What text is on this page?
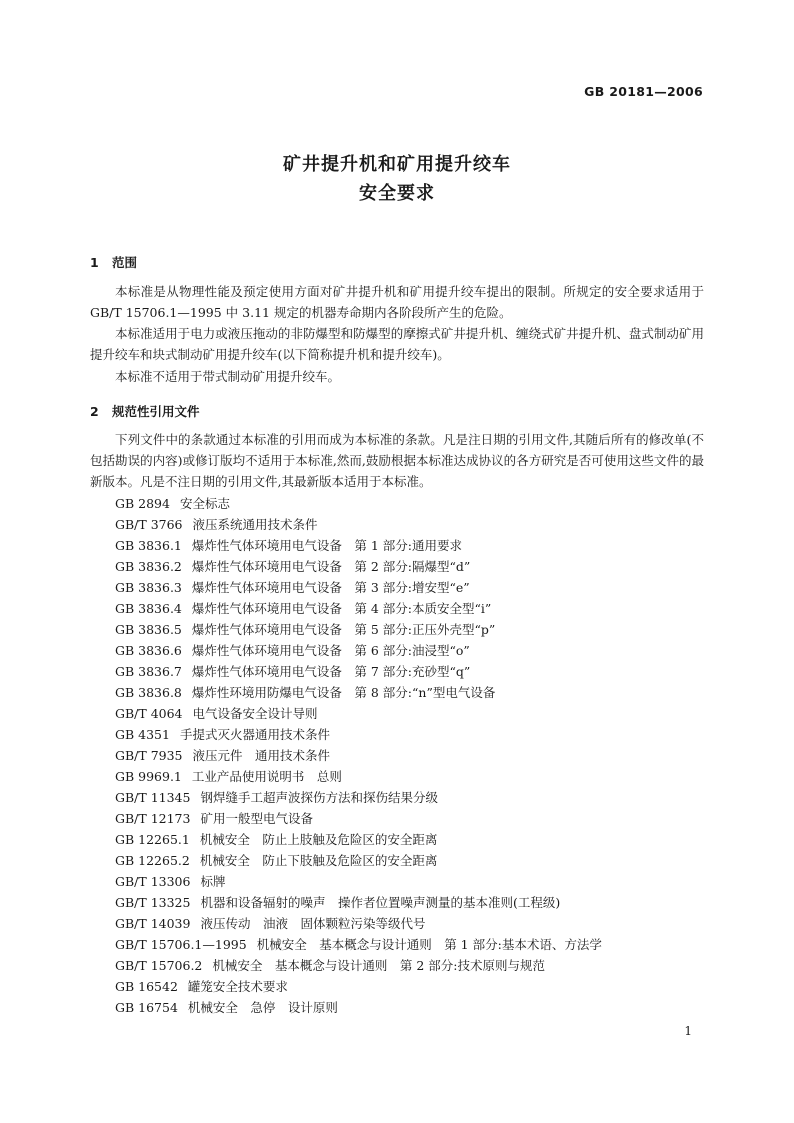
GB 20181—2006
矿井提升机和矿用提升绞车
安全要求
1 范围
本标准是从物理性能及预定使用方面对矿井提升机和矿用提升绞车提出的限制。所规定的安全要求适用于 GB/T 15706.1—1995 中 3.11 规定的机器寿命期内各阶段所产生的危险。
本标准适用于电力或液压拖动的非防爆型和防爆型的摩擦式矿井提升机、缠绕式矿井提升机、盘式制动矿用提升绞车和块式制动矿用提升绞车(以下简称提升机和提升绞车)。
本标准不适用于带式制动矿用提升绞车。
2 规范性引用文件
下列文件中的条款通过本标准的引用而成为本标准的条款。凡是注日期的引用文件,其随后所有的修改单(不包括勘误的内容)或修订版均不适用于本标准,然而,鼓励根据本标准达成协议的各方研究是否可使用这些文件的最新版本。凡是不注日期的引用文件,其最新版本适用于本标准。
GB 2894 安全标志
GB/T 3766 液压系统通用技术条件
GB 3836.1 爆炸性气体环境用电气设备　第 1 部分:通用要求
GB 3836.2 爆炸性气体环境用电气设备　第 2 部分:隔爆型“d”
GB 3836.3 爆炸性气体环境用电气设备　第 3 部分:增安型“e”
GB 3836.4 爆炸性气体环境用电气设备　第 4 部分:本质安全型“i”
GB 3836.5 爆炸性气体环境用电气设备　第 5 部分:正压外壳型“p”
GB 3836.6 爆炸性气体环境用电气设备　第 6 部分:油浸型“o”
GB 3836.7 爆炸性气体环境用电气设备　第 7 部分:充砂型“q”
GB 3836.8 爆炸性环境用防爆电气设备　第 8 部分:“n”型电气设备
GB/T 4064 电气设备安全设计导则
GB 4351 手提式灭火器通用技术条件
GB/T 7935 液压元件　通用技术条件
GB 9969.1 工业产品使用说明书　总则
GB/T 11345 钢焊缝手工超声波探伤方法和探伤结果分级
GB/T 12173 矿用一般型电气设备
GB 12265.1 机械安全　防止上肢触及危险区的安全距离
GB 12265.2 机械安全　防止下肢触及危险区的安全距离
GB/T 13306 标牌
GB/T 13325 机器和设备辐射的噪声　操作者位置噪声测量的基本准则(工程级)
GB/T 14039 液压传动　油液　固体颗粒污染等级代号
GB/T 15706.1—1995 机械安全　基本概念与设计通则　第 1 部分:基本术语、方法学
GB/T 15706.2 机械安全　基本概念与设计通则　第 2 部分:技术原则与规范
GB 16542 罐笼安全技术要求
GB 16754 机械安全　急停　设计原则
1
